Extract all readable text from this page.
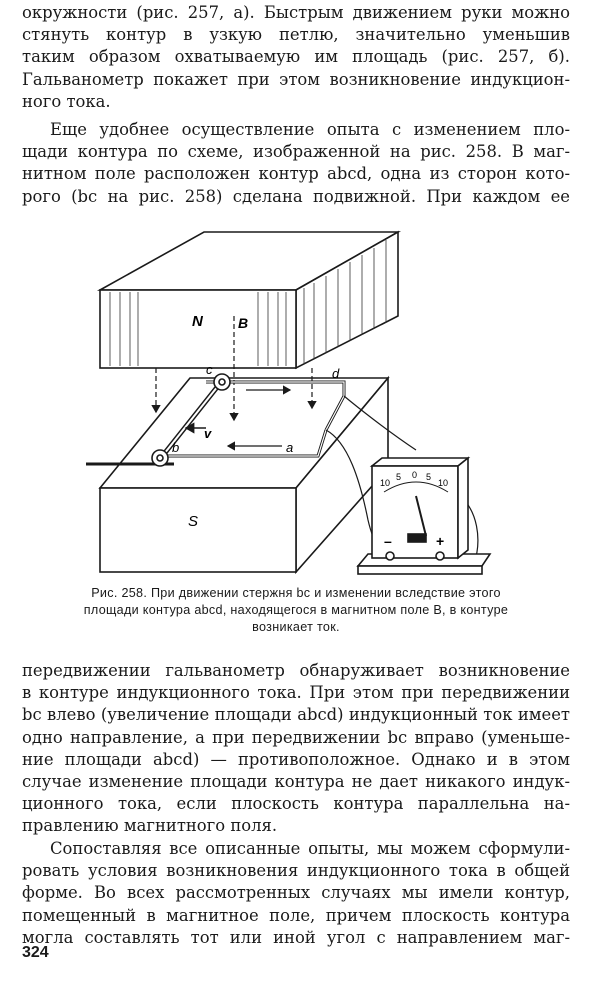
окружности (рис. 257, а). Быстрым движением руки можно
стянуть контур в узкую петлю, значительно уменьшив
таким образом охватываемую им площадь (рис. 257, б).
Гальванометр покажет при этом возникновение индукцион-
ного тока.
Еще удобнее осуществление опыта с изменением пло-
щади контура по схеме, изображенной на рис. 258. В маг-
нитном поле расположен контур abcd, одна из сторон кото-
рого (bc на рис. 258) сделана подвижной. При каждом ее
N
S
B
v
b
c	d
a
10
5 0 5
10
–	+
Рис. 258. При движении стержня bc и изменении вследствие этого
площади контура abcd, находящегося в магнитном поле B, в контуре
возникает ток.
передвижении гальванометр обнаруживает возникновение
в контуре индукционного тока. При этом при передвижении
bc влево (увеличение площади abcd) индукционный ток имеет
одно направление, а при передвижении bc вправо (уменьше-
ние площади abcd) — противоположное. Однако и в этом
случае изменение площади контура не дает никакого индук-
ционного тока, если плоскость контура параллельна на-
правлению магнитного поля.
Сопоставляя все описанные опыты, мы можем сформули-
ровать условия возникновения индукционного тока в общей
форме. Во всех рассмотренных случаях мы имели контур,
помещенный в магнитное поле, причем плоскость контура
могла составлять тот или иной угол с направлением маг-
324
